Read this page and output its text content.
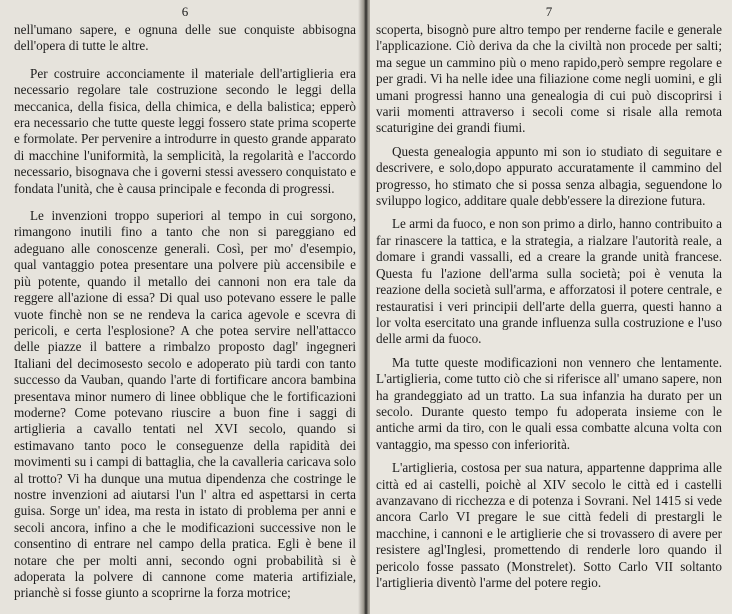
6

nell'umano sapere, e ognuna delle sue conquiste abbisogna dell'opera di tutte le altre.

Per costruire acconciamente il materiale dell'artiglieria era necessario regolare tale costruzione secondo le leggi della meccanica, della fisica, della chimica, e della balistica; epperò era necessario che tutte queste leggi fossero state prima scoperte e formolate. Per pervenire a introdurre in questo grande apparato di macchine l'uniformità, la semplicità, la regolarità e l'accordo necessario, bisognava che i governi stessi avessero conquistato e fondata l'unità, che è causa principale e feconda di progressi.

Le invenzioni troppo superiori al tempo in cui sorgono, rimangono inutili fino a tanto che non si pareggiano ed adeguano alle conoscenze generali. Così, per mo' d'esempio, qual vantaggio potea presentare una polvere più accensibile e più potente, quando il metallo dei cannoni non era tale da reggere all'azione di essa? Di qual uso potevano essere le palle vuote finchè non se ne rendeva la carica agevole e scevra di pericoli, e certa l'esplosione? A che potea servire nell'attacco delle piazze il battere a rimbalzo proposto dagl' ingegneri Italiani del decimosesto secolo e adoperato più tardi con tanto successo da Vauban, quando l'arte di fortificare ancora bambina presentava minor numero di linee obblique che le fortificazioni moderne? Come potevano riuscire a buon fine i saggi di artiglieria a cavallo tentati nel XVI secolo, quando si estimavano tanto poco le conseguenze della rapidità dei movimenti su i campi di battaglia, che la cavalleria caricava solo al trotto? Vi ha dunque una mutua dipendenza che costringe le nostre invenzioni ad aiutarsi l'un l' altra ed aspettarsi in certa guisa. Sorge un' idea, ma resta in istato di problema per anni e secoli ancora, infino a che le modificazioni successive non le consentino di entrare nel campo della pratica. Egli è bene il notare che per molti anni, secondo ogni probabilità si è adoperata la polvere di cannone come materia artifiziale, prianchè si fosse giunto a scoprirne la forza motrice;

7

scoperta, bisognò pure altro tempo per renderne facile e generale l'applicazione. Ciò deriva da che la civiltà non procede per salti; ma segue un cammino più o meno rapido,però sempre regolare e per gradi. Vi ha nelle idee una filiazione come negli uomini, e gli umani progressi hanno una genealogia di cui può discoprirsi i varii momenti attraverso i secoli come si risale alla remota scaturigine dei grandi fiumi.

Questa genealogia appunto mi son io studiato di seguitare e descrivere, e solo,dopo appurato accuratamente il cammino del progresso, ho stimato che si possa senza albagia, seguendone lo sviluppo logico, additare quale debb'essere la direzione futura.

Le armi da fuoco, e non son primo a dirlo, hanno contribuito a far rinascere la tattica, e la strategia, a rialzare l'autorità reale, a domare i grandi vassalli, ed a creare la grande unità francese. Questa fu l'azione dell'arma sulla società; poi è venuta la reazione della società sull'arma, e afforzatosi il potere centrale, e restauratisi i veri principii dell'arte della guerra, questi hanno a lor volta esercitato una grande influenza sulla costruzione e l'uso delle armi da fuoco.

Ma tutte queste modificazioni non vennero che lentamente. L'artiglieria, come tutto ciò che si riferisce all' umano sapere, non ha grandeggiato ad un tratto. La sua infanzia ha durato per un secolo. Durante questo tempo fu adoperata insieme con le antiche armi da tiro, con le quali essa combatte alcuna volta con vantaggio, ma spesso con inferiorità.

L'artiglieria, costosa per sua natura, appartenne dapprima alle città ed ai castelli, poichè al XIV secolo le città ed i castelli avanzavano di ricchezza e di potenza i Sovrani. Nel 1415 si vede ancora Carlo VI pregare le sue città fedeli di prestargli le macchine, i cannoni e le artiglierie che si trovassero di avere per resistere agl'Inglesi, promettendo di renderle loro quando il pericolo fosse passato (Monstrelet). Sotto Carlo VII soltanto l'artiglieria diventò l'arme del potere regio.
